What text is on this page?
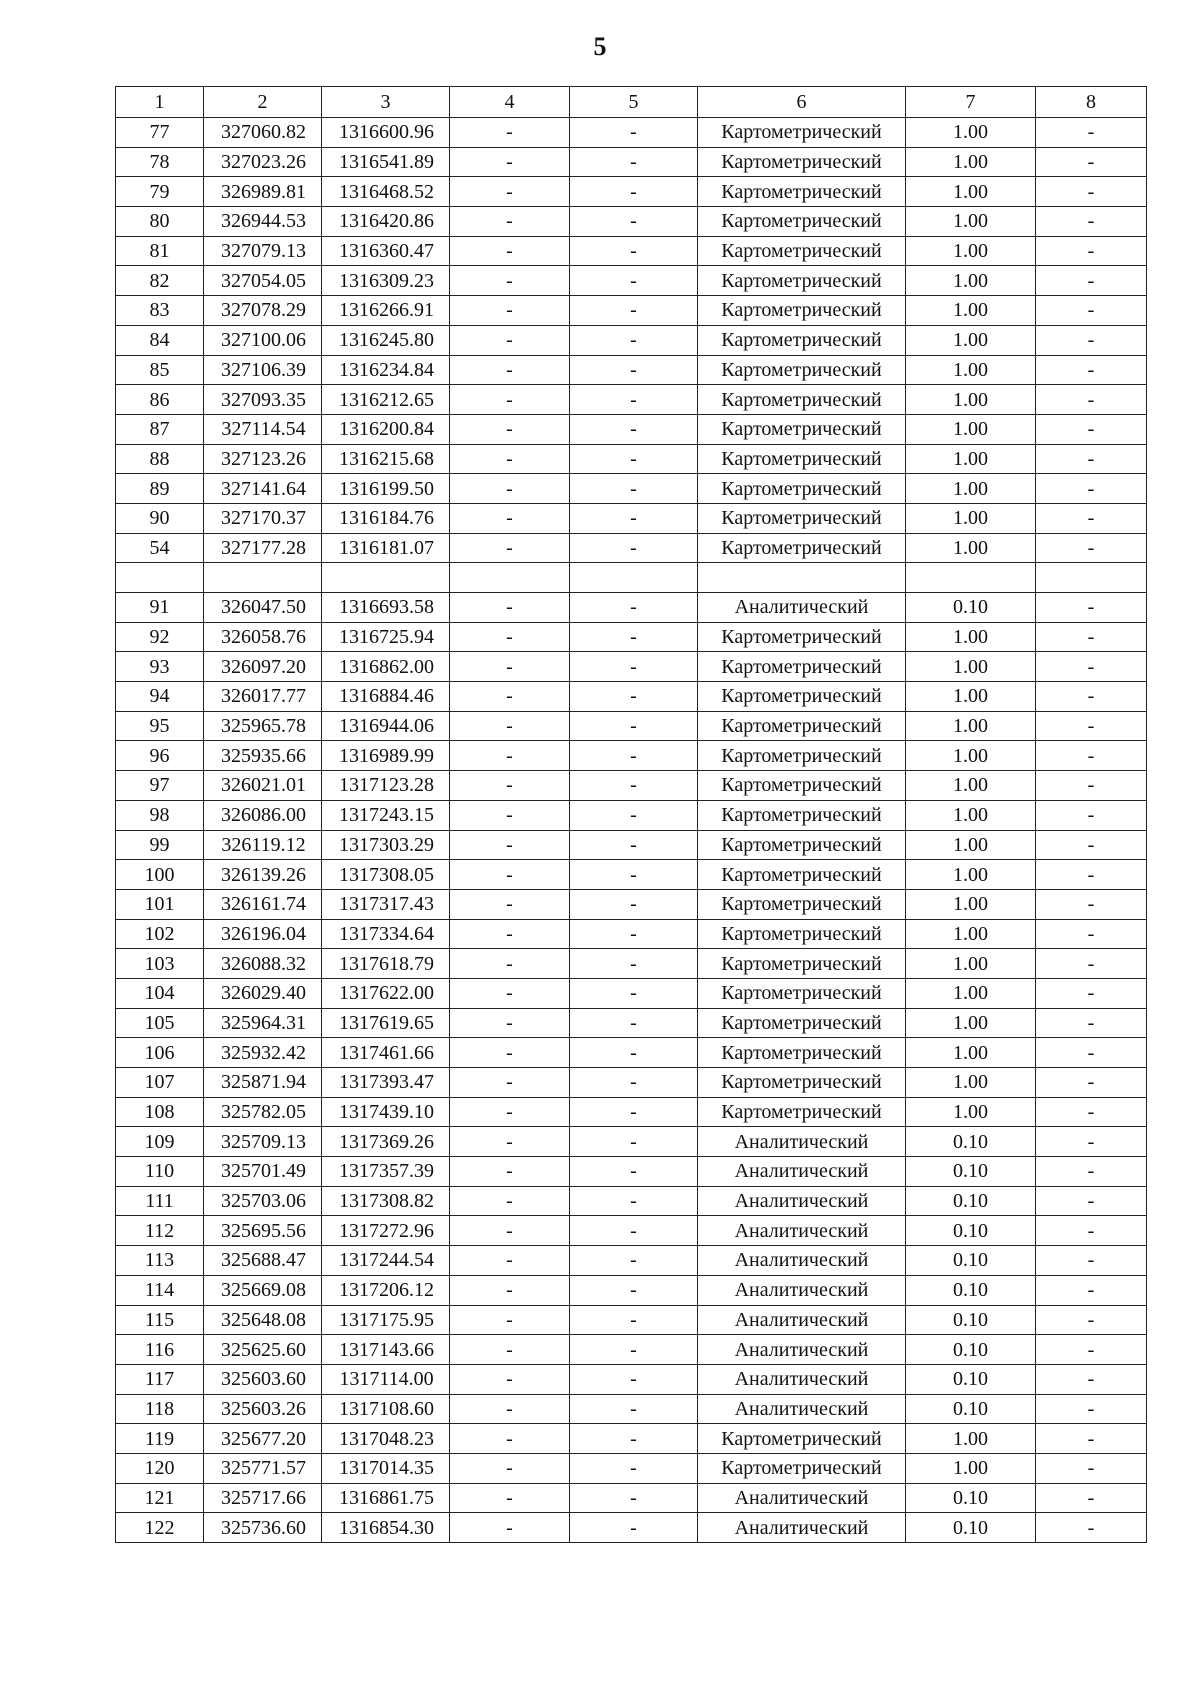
5
1	2	3	4	5	6	7	8
77	327060.82	1316600.96	-	-	Картометрический	1.00	-
78	327023.26	1316541.89	-	-	Картометрический	1.00	-
79	326989.81	1316468.52	-	-	Картометрический	1.00	-
80	326944.53	1316420.86	-	-	Картометрический	1.00	-
81	327079.13	1316360.47	-	-	Картометрический	1.00	-
82	327054.05	1316309.23	-	-	Картометрический	1.00	-
83	327078.29	1316266.91	-	-	Картометрический	1.00	-
84	327100.06	1316245.80	-	-	Картометрический	1.00	-
85	327106.39	1316234.84	-	-	Картометрический	1.00	-
86	327093.35	1316212.65	-	-	Картометрический	1.00	-
87	327114.54	1316200.84	-	-	Картометрический	1.00	-
88	327123.26	1316215.68	-	-	Картометрический	1.00	-
89	327141.64	1316199.50	-	-	Картометрический	1.00	-
90	327170.37	1316184.76	-	-	Картометрический	1.00	-
54	327177.28	1316181.07	-	-	Картометрический	1.00	-

91	326047.50	1316693.58	-	-	Аналитический	0.10	-
92	326058.76	1316725.94	-	-	Картометрический	1.00	-
93	326097.20	1316862.00	-	-	Картометрический	1.00	-
94	326017.77	1316884.46	-	-	Картометрический	1.00	-
95	325965.78	1316944.06	-	-	Картометрический	1.00	-
96	325935.66	1316989.99	-	-	Картометрический	1.00	-
97	326021.01	1317123.28	-	-	Картометрический	1.00	-
98	326086.00	1317243.15	-	-	Картометрический	1.00	-
99	326119.12	1317303.29	-	-	Картометрический	1.00	-
100	326139.26	1317308.05	-	-	Картометрический	1.00	-
101	326161.74	1317317.43	-	-	Картометрический	1.00	-
102	326196.04	1317334.64	-	-	Картометрический	1.00	-
103	326088.32	1317618.79	-	-	Картометрический	1.00	-
104	326029.40	1317622.00	-	-	Картометрический	1.00	-
105	325964.31	1317619.65	-	-	Картометрический	1.00	-
106	325932.42	1317461.66	-	-	Картометрический	1.00	-
107	325871.94	1317393.47	-	-	Картометрический	1.00	-
108	325782.05	1317439.10	-	-	Картометрический	1.00	-
109	325709.13	1317369.26	-	-	Аналитический	0.10	-
110	325701.49	1317357.39	-	-	Аналитический	0.10	-
111	325703.06	1317308.82	-	-	Аналитический	0.10	-
112	325695.56	1317272.96	-	-	Аналитический	0.10	-
113	325688.47	1317244.54	-	-	Аналитический	0.10	-
114	325669.08	1317206.12	-	-	Аналитический	0.10	-
115	325648.08	1317175.95	-	-	Аналитический	0.10	-
116	325625.60	1317143.66	-	-	Аналитический	0.10	-
117	325603.60	1317114.00	-	-	Аналитический	0.10	-
118	325603.26	1317108.60	-	-	Аналитический	0.10	-
119	325677.20	1317048.23	-	-	Картометрический	1.00	-
120	325771.57	1317014.35	-	-	Картометрический	1.00	-
121	325717.66	1316861.75	-	-	Аналитический	0.10	-
122	325736.60	1316854.30	-	-	Аналитический	0.10	-
